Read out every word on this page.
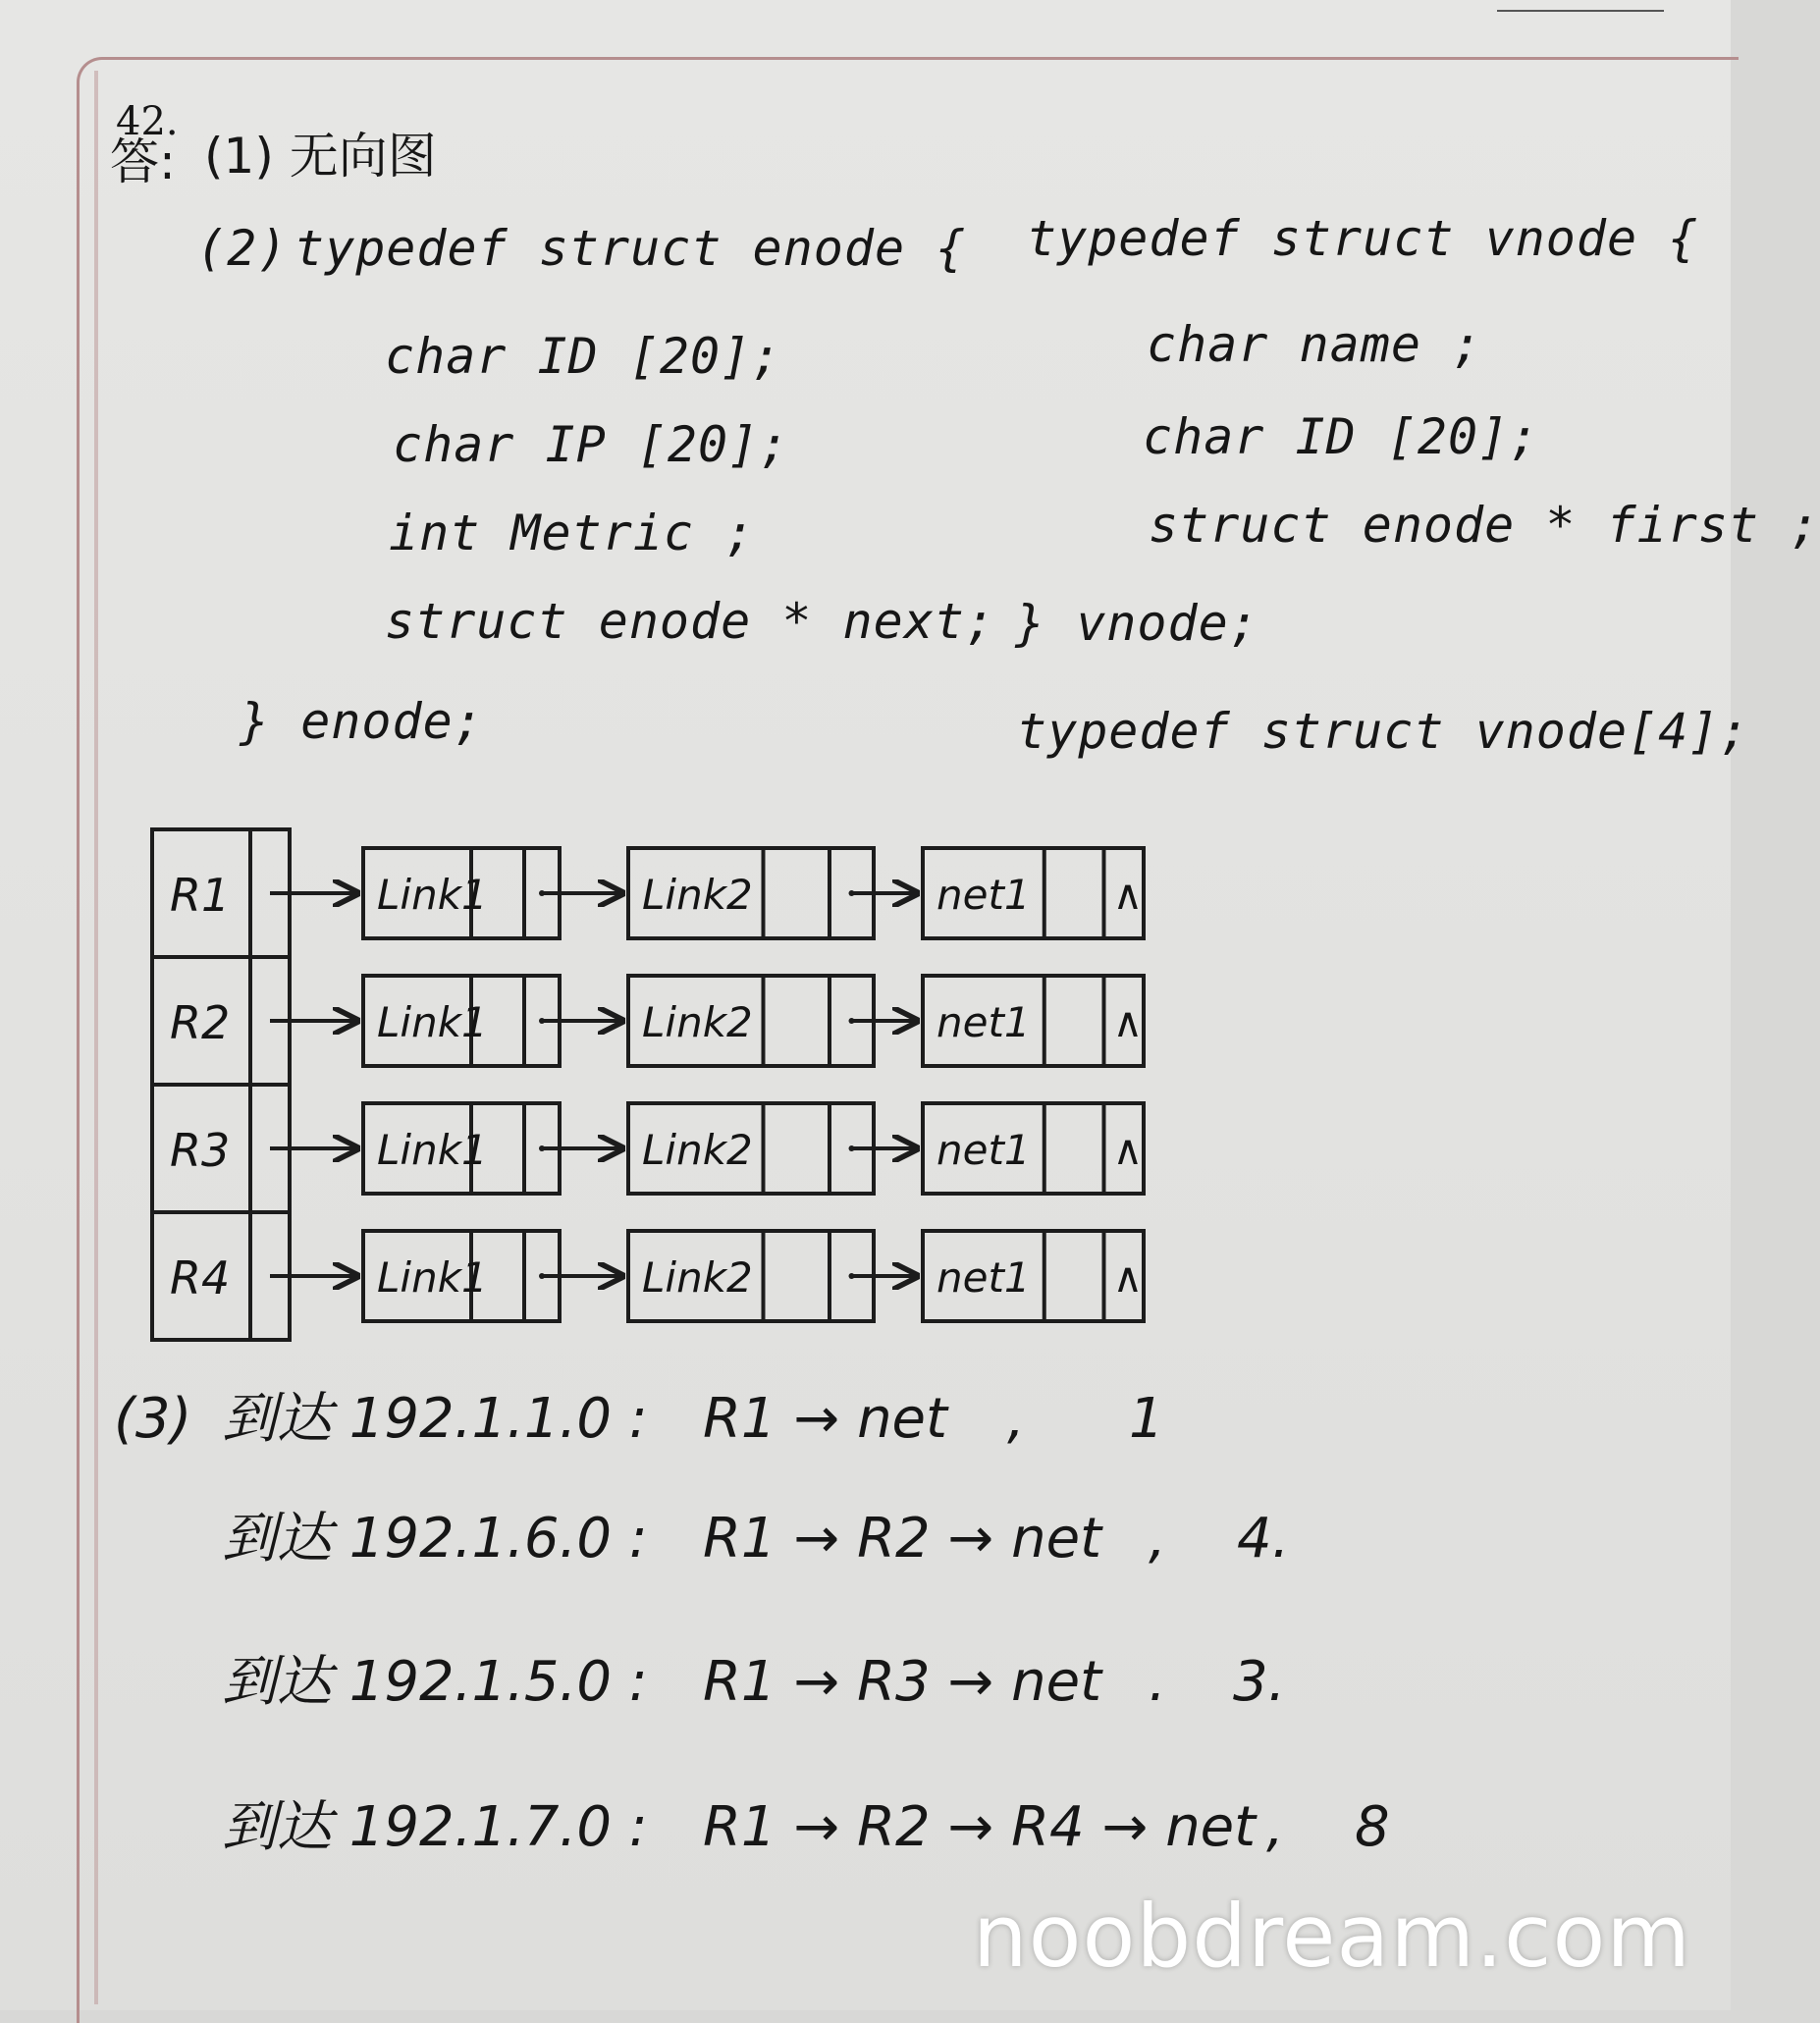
42.
答: (1) 无向图
(2) typedef struct enode {
char ID [20];
char IP [20];
int Metric ;
struct enode * next;
} enode;
typedef struct vnode {
char name ;
char ID [20];
struct enode * first ;
} vnode;
typedef struct vnode[4];
R1	Link1	Link2	net1 ∧
R2	Link1	Link2	net1 ∧
R3	Link1	Link2	net1 ∧
R4	Link1	Link2	net1 ∧
(3) 到达 192.1.1.0 : R1 → net , 1
到达 192.1.6.0 : R1 → R2 → net , 4.
到达 192.1.5.0 : R1 → R3 → net . 3.
到达 192.1.7.0 : R1 → R2 → R4 → net , 8
noobdream.com
